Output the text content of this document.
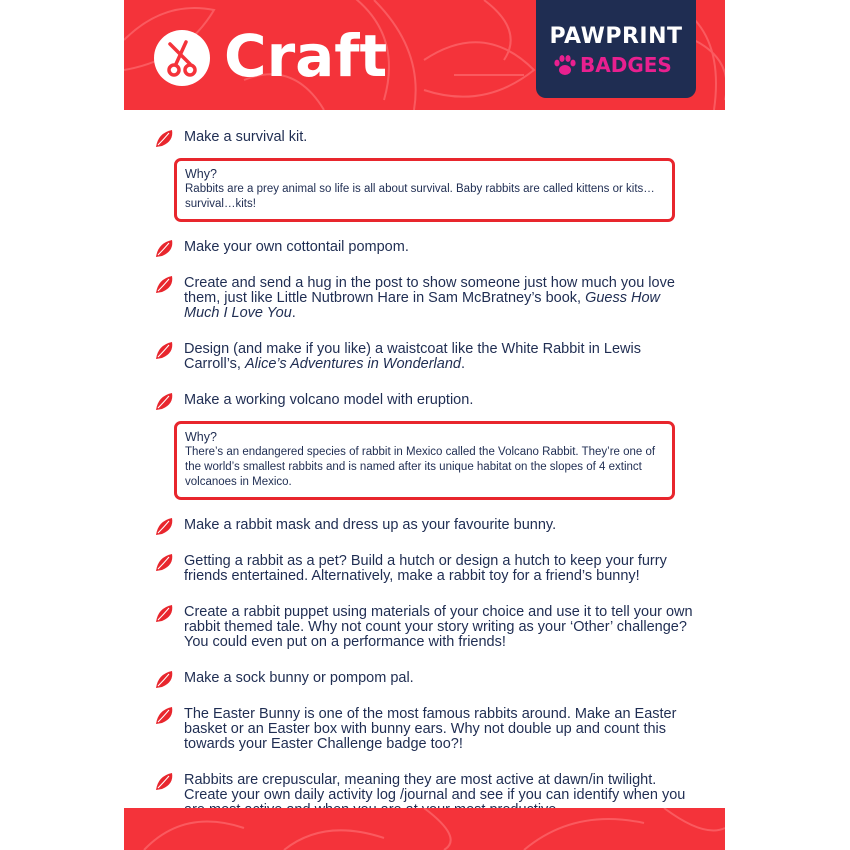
Craft	PAWPRINT
BADGES
Make a survival kit.
Why?
Rabbits are a prey animal so life is all about survival. Baby rabbits are called kittens or kits…survival…kits!
Make your own cottontail pompom.
Create and send a hug in the post to show someone just how much you love them, just like Little Nutbrown Hare in Sam McBratney’s book, Guess How Much I Love You.
Design (and make if you like) a waistcoat like the White Rabbit in Lewis Carroll’s, Alice’s Adventures in Wonderland.
Make a working volcano model with eruption.
Why?
There’s an endangered species of rabbit in Mexico called the Volcano Rabbit. They’re one of the world’s smallest rabbits and is named after its unique habitat on the slopes of 4 extinct volcanoes in Mexico.
Make a rabbit mask and dress up as your favourite bunny.
Getting a rabbit as a pet? Build a hutch or design a hutch to keep your furry friends entertained. Alternatively, make a rabbit toy for a friend’s bunny!
Create a rabbit puppet using materials of your choice and use it to tell your own rabbit themed tale. Why not count your story writing as your ‘Other’ challenge? You could even put on a performance with friends!
Make a sock bunny or pompom pal.
The Easter Bunny is one of the most famous rabbits around. Make an Easter basket or an Easter box with bunny ears. Why not double up and count this towards your Easter Challenge badge too?!
Rabbits are crepuscular, meaning they are most active at dawn/in twilight. Create your own daily activity log /journal and see if you can identify when you
